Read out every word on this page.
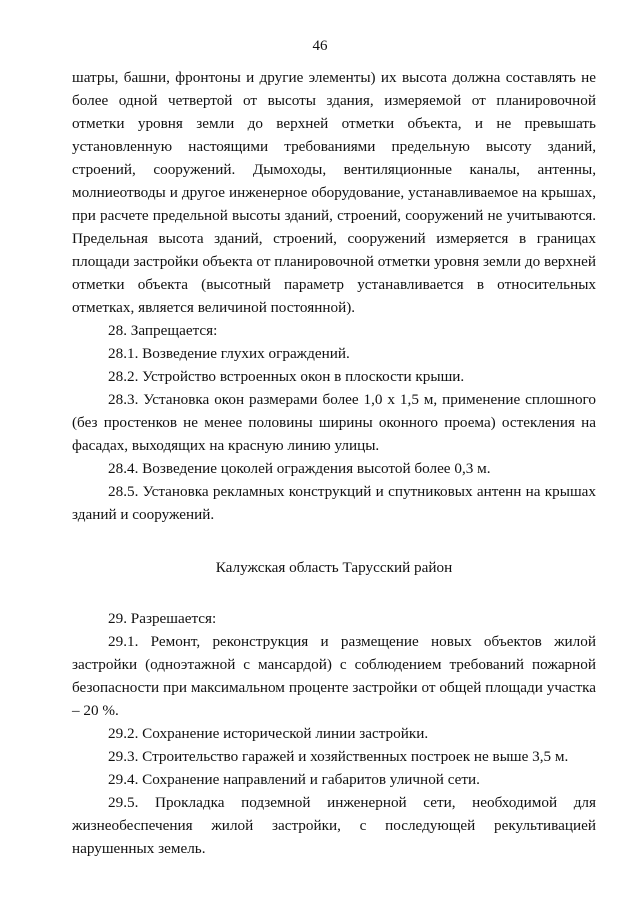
46

шатры, башни, фронтоны и другие элементы) их высота должна составлять не более одной четвертой от высоты здания, измеряемой от планировочной отметки уровня земли до верхней отметки объекта, и не превышать установленную настоящими требованиями предельную высоту зданий, строений, сооружений. Дымоходы, вентиляционные каналы, антенны, молниеотводы и другое инженерное оборудование, устанавливаемое на крышах, при расчете предельной высоты зданий, строений, сооружений не учитываются. Предельная высота зданий, строений, сооружений измеряется в границах площади застройки объекта от планировочной отметки уровня земли до верхней отметки объекта (высотный параметр устанавливается в относительных отметках, является величиной постоянной).

28. Запрещается:

28.1. Возведение глухих ограждений.

28.2. Устройство встроенных окон в плоскости крыши.

28.3. Установка окон размерами более 1,0 х 1,5 м, применение сплошного (без простенков не менее половины ширины оконного проема) остекления на фасадах, выходящих на красную линию улицы.

28.4. Возведение цоколей ограждения высотой более 0,3 м.

28.5. Установка рекламных конструкций и спутниковых антенн на крышах зданий и сооружений.

Калужская область Тарусский район

29. Разрешается:

29.1. Ремонт, реконструкция и размещение новых объектов жилой застройки (одноэтажной с мансардой) с соблюдением требований пожарной безопасности при максимальном проценте застройки от общей площади участка – 20 %.

29.2. Сохранение исторической линии застройки.

29.3. Строительство гаражей и хозяйственных построек не выше 3,5 м.

29.4. Сохранение направлений и габаритов уличной сети.

29.5. Прокладка подземной инженерной сети, необходимой для жизнеобеспечения жилой застройки, с последующей рекультивацией нарушенных земель.
